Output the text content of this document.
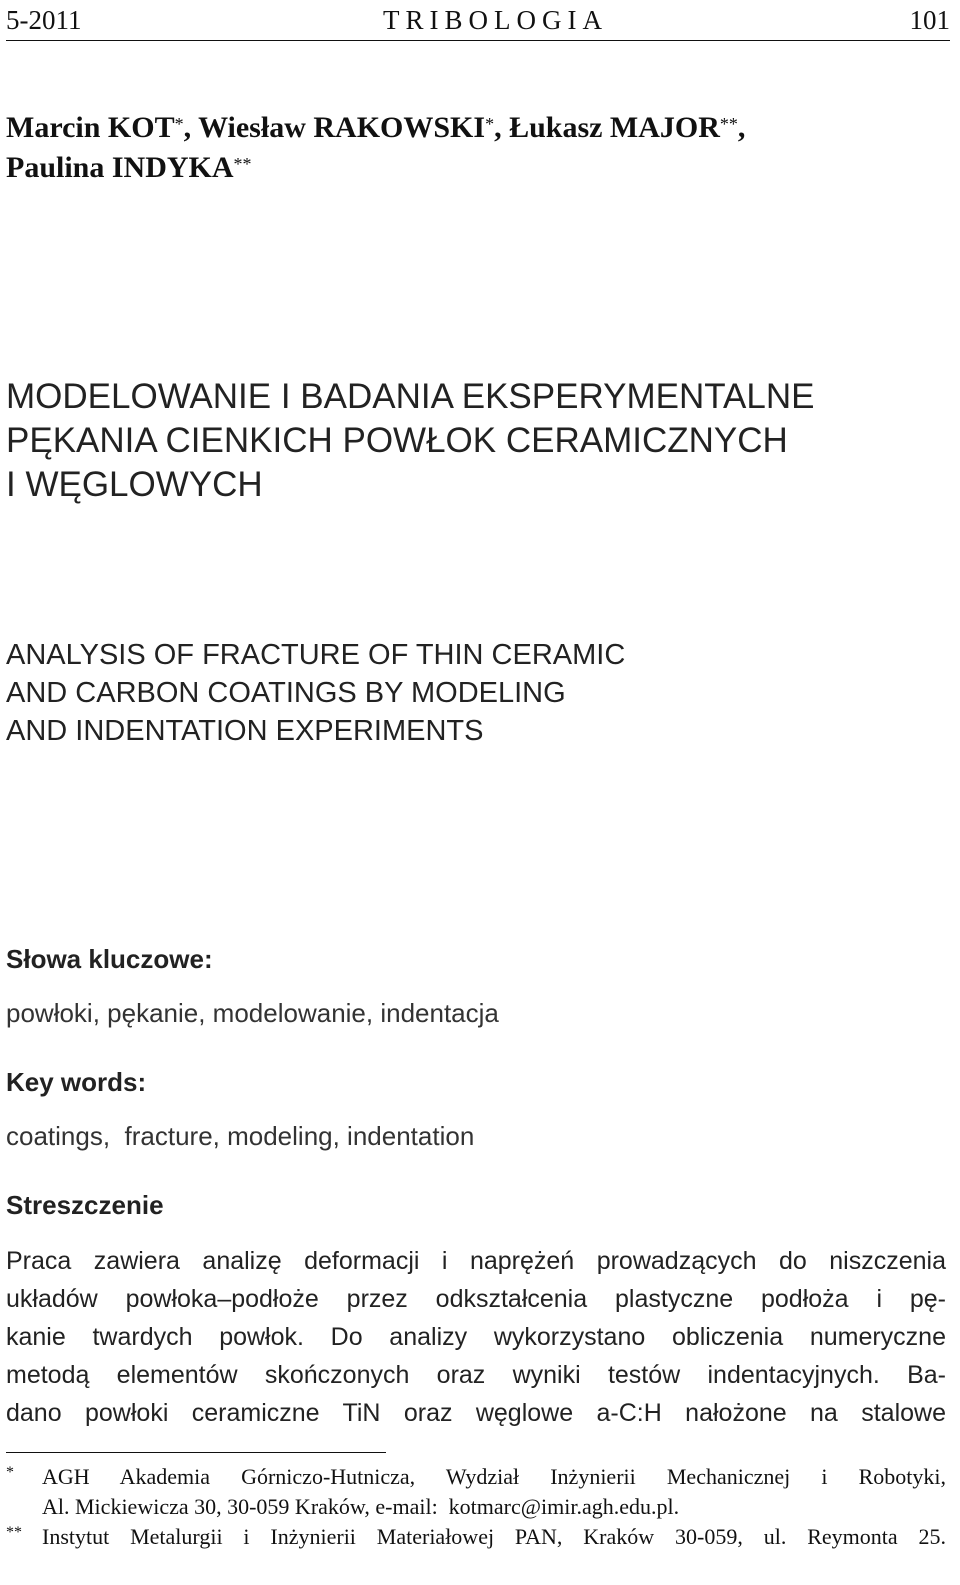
5-2011	TRIBOLOGIA	101
Marcin KOT*, Wiesław RAKOWSKI*, Łukasz MAJOR**,
Paulina INDYKA**
MODELOWANIE I BADANIA EKSPERYMENTALNE
PĘKANIA CIENKICH POWŁOK CERAMICZNYCH
I WĘGLOWYCH
ANALYSIS OF FRACTURE OF THIN CERAMIC
AND CARBON COATINGS BY MODELING
AND INDENTATION EXPERIMENTS
Słowa kluczowe:
powłoki, pękanie, modelowanie, indentacja
Key words:
coatings,  fracture, modeling, indentation
Streszczenie
Praca zawiera analizę deformacji i naprężeń prowadzących do niszczenia
układów powłoka–podłoże przez odkształcenia plastyczne podłoża i pę-
kanie twardych powłok. Do analizy wykorzystano obliczenia numeryczne
metodą elementów skończonych oraz wyniki testów indentacyjnych. Ba-
dano powłoki ceramiczne TiN oraz węglowe a-C:H nałożone na stalowe
* AGH Akademia Górniczo-Hutnicza, Wydział Inżynierii Mechanicznej i Robotyki,
Al. Mickiewicza 30, 30-059 Kraków, e-mail:  kotmarc@imir.agh.edu.pl.
** Instytut Metalurgii i Inżynierii Materiałowej PAN, Kraków 30-059, ul. Reymonta 25.
